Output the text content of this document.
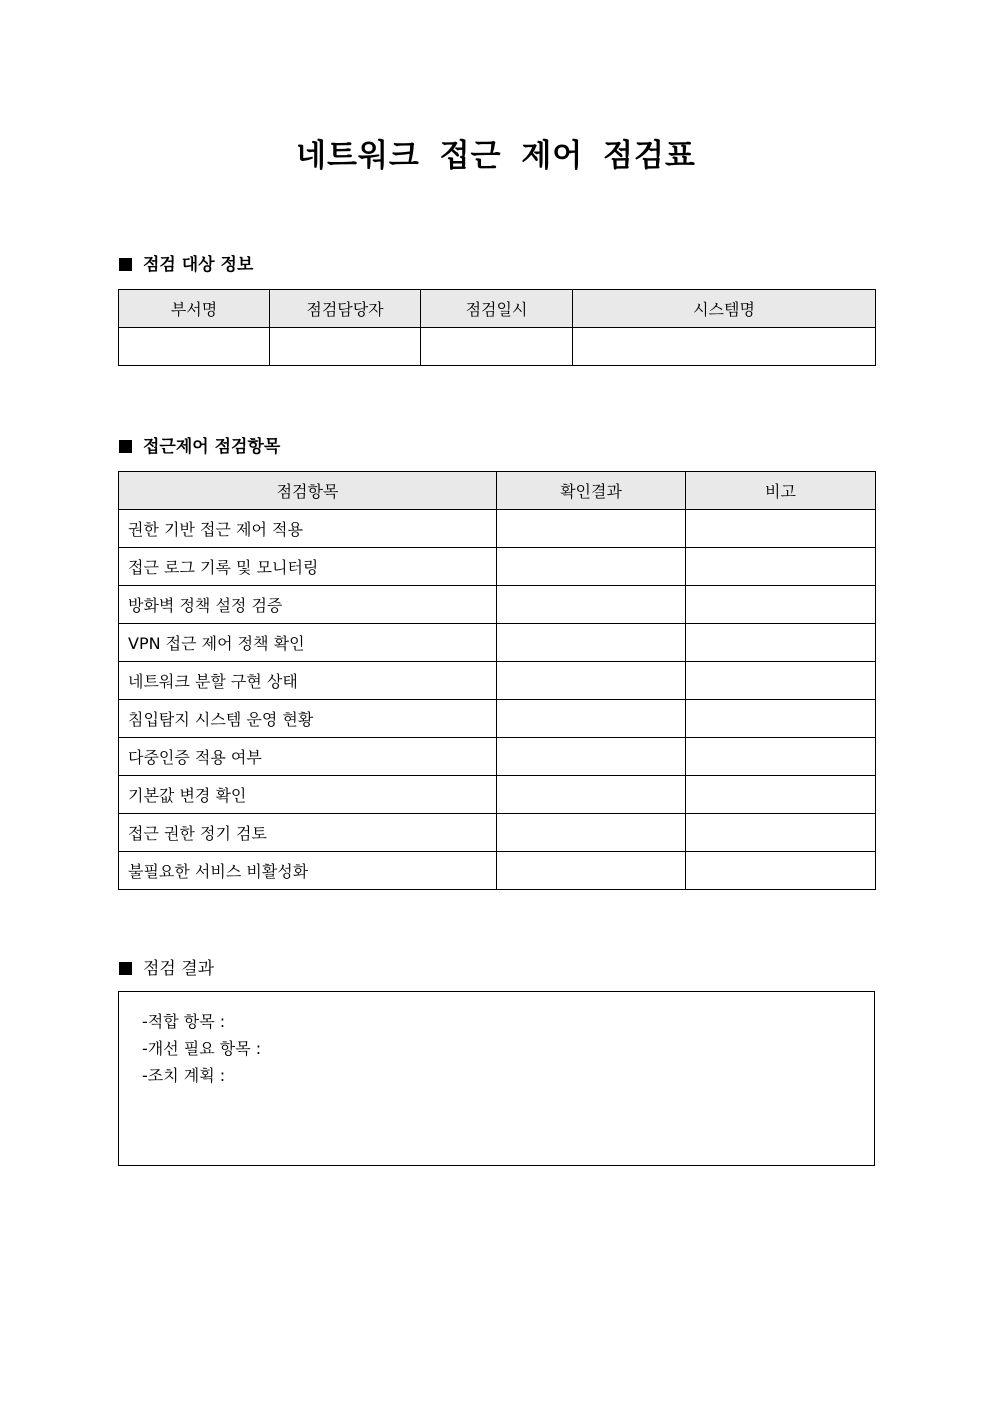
네트워크 접근 제어 점검표
점검 대상 정보
부서명	점검담당자	점검일시	시스템명

접근제어 점검항목
점검항목	확인결과	비고
권한 기반 접근 제어 적용		
접근 로그 기록 및 모니터링		
방화벽 정책 설정 검증		
VPN 접근 제어 정책 확인		
네트워크 분할 구현 상태		
침입탐지 시스템 운영 현황		
다중인증 적용 여부		
기본값 변경 확인		
접근 권한 정기 검토		
불필요한 서비스 비활성화		
점검 결과
-적합 항목 :
-개선 필요 항목 :
-조치 계획 :
